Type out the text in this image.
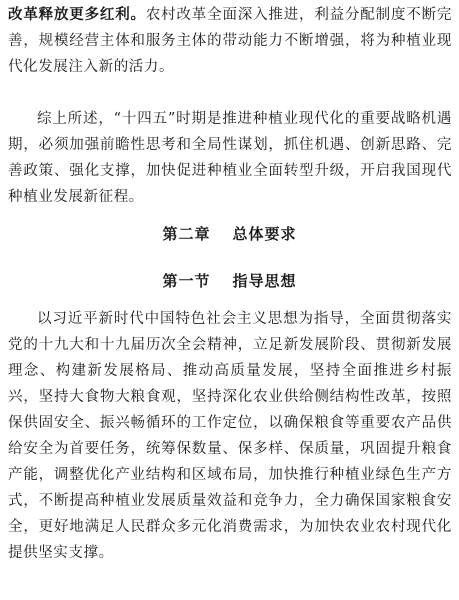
改革释放更多红利。农村改革全面深入推进，利益分配制度不断完善，规模经营主体和服务主体的带动能力不断增强，将为种植业现代化发展注入新的活力。

综上所述，“十四五”时期是推进种植业现代化的重要战略机遇期，必须加强前瞻性思考和全局性谋划，抓住机遇、创新思路、完善政策、强化支撑，加快促进种植业全面转型升级，开启我国现代种植业发展新征程。

第二章 总体要求
第一节 指导思想

以习近平新时代中国特色社会主义思想为指导，全面贯彻落实党的十九大和十九届历次全会精神，立足新发展阶段、贯彻新发展理念、构建新发展格局、推动高质量发展，坚持全面推进乡村振兴，坚持大食物大粮食观，坚持深化农业供给侧结构性改革，按照保供固安全、振兴畅循环的工作定位，以确保粮食等重要农产品供给安全为首要任务，统筹保数量、保多样、保质量，巩固提升粮食产能，调整优化产业结构和区域布局，加快推行种植业绿色生产方式，不断提高种植业发展质量效益和竞争力，全力确保国家粮食安全，更好地满足人民群众多元化消费需求，为加快农业农村现代化提供坚实支撑。
